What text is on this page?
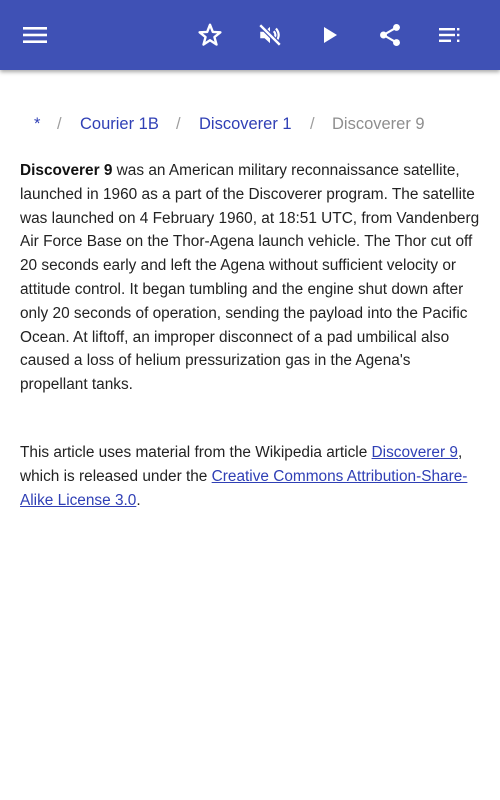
* / Courier 1B / Discoverer 1 / Discoverer 9

Discoverer 9 was an American military reconnaissance satellite, launched in 1960 as a part of the Discoverer program. The satellite was launched on 4 February 1960, at 18:51 UTC, from Vandenberg Air Force Base on the Thor-Agena launch vehicle. The Thor cut off 20 seconds early and left the Agena without sufficient velocity or attitude control. It began tumbling and the engine shut down after only 20 seconds of operation, sending the payload into the Pacific Ocean. At liftoff, an improper disconnect of a pad umbilical also caused a loss of helium pressurization gas in the Agena's propellant tanks.

This article uses material from the Wikipedia article Discoverer 9, which is released under the Creative Commons Attribution-Share-Alike License 3.0.
